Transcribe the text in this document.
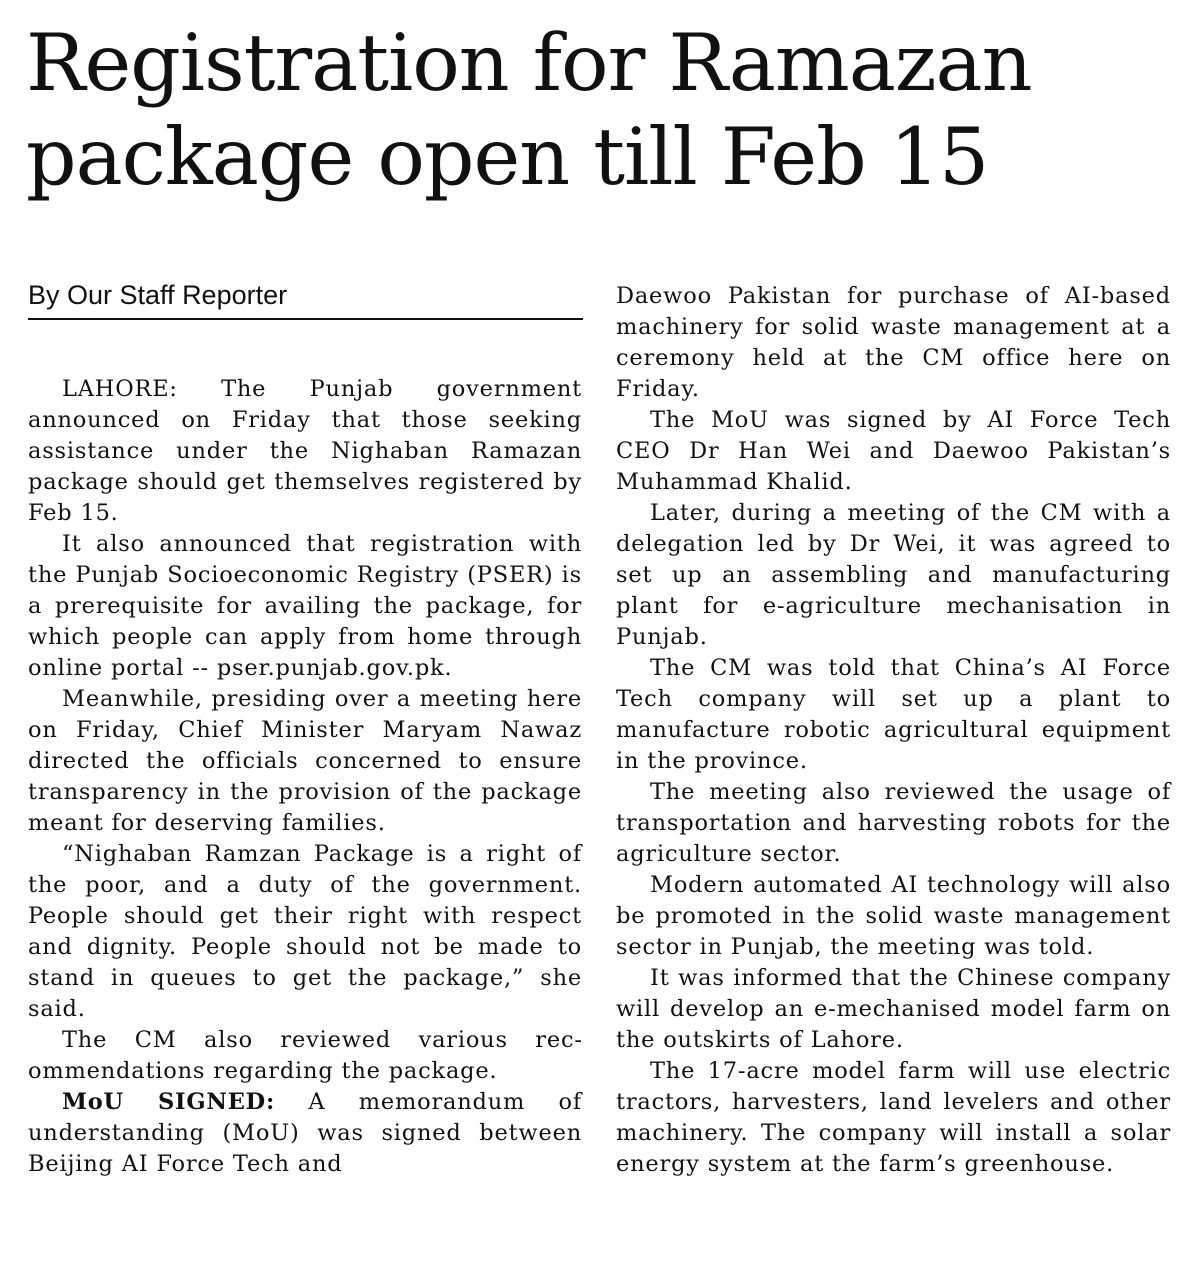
Registration for Ramazan
package open till Feb 15
By Our Staff Reporter

LAHORE: The Punjab government announced on Friday that those seeking assistance under the Nighaban Ramazan package should get themselves registered by Feb 15.

It also announced that registration with the Punjab Socioeconomic Registry (PSER) is a prerequisite for availing the package, for which people can apply from home through online portal -- pser.punjab.gov.pk.

Meanwhile, presiding over a meeting here on Friday, Chief Minister Maryam Nawaz directed the officials concerned to ensure transparency in the provision of the package meant for deserving families.

“Nighaban Ramzan Package is a right of the poor, and a duty of the government. People should get their right with respect and dignity. People should not be made to stand in queues to get the package,” she said.

The CM also reviewed various recommendations regarding the package.

MoU SIGNED: A memorandum of understanding (MoU) was signed between Beijing AI Force Tech and

Daewoo Pakistan for purchase of AI-based machinery for solid waste management at a ceremony held at the CM office here on Friday.

The MoU was signed by AI Force Tech CEO Dr Han Wei and Daewoo Pakistan’s Muhammad Khalid.

Later, during a meeting of the CM with a delegation led by Dr Wei, it was agreed to set up an assembling and manufacturing plant for e-agriculture mechanisation in Punjab.

The CM was told that China’s AI Force Tech company will set up a plant to manufacture robotic agricultural equipment in the province.

The meeting also reviewed the usage of transportation and harvesting robots for the agriculture sector.

Modern automated AI technology will also be promoted in the solid waste management sector in Punjab, the meeting was told.

It was informed that the Chinese company will develop an e-mechanised model farm on the outskirts of Lahore.

The 17-acre model farm will use electric tractors, harvesters, land levelers and other machinery. The company will install a solar energy system at the farm’s greenhouse.
